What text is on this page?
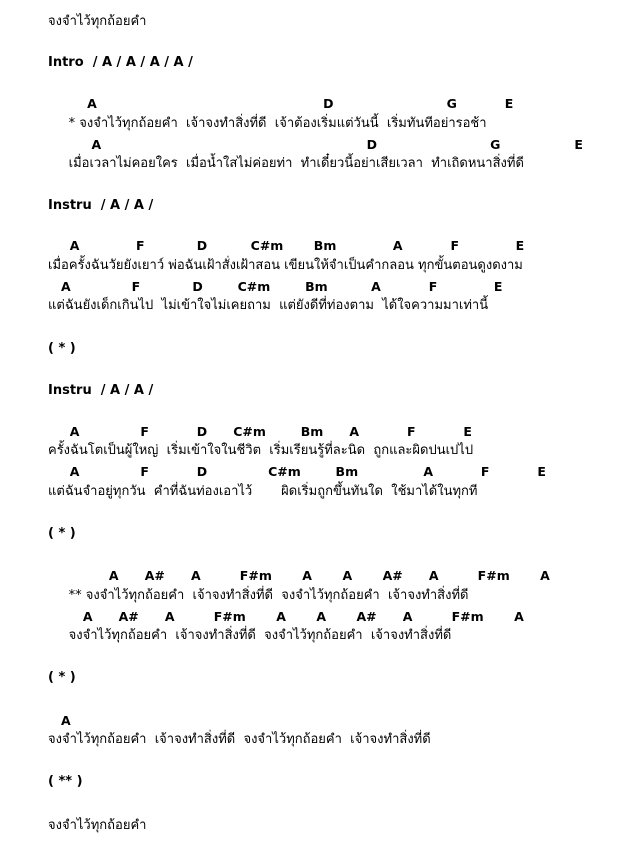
จงจำไว้ทุกถ้อยคำ
Intro  / A / A / A / A /
A                                                    D                          G           E
* จงจำไว้ทุกถ้อยคำ  เจ้าจงทำสิ่งที่ดี  เจ้าต้องเริ่มแต่วันนี้  เริ่มทันทีอย่ารอช้า
A                                                             D                          G                 E
เมื่อเวลาไม่คอยใคร  เมื่อน้ำใสไม่ค่อยท่า  ทำเดี๋ยวนี้อย่าเสียเวลา  ทำเถิดหนาสิ่งที่ดี
Instru  / A / A /
A             F            D          C#m       Bm             A           F             E
เมื่อครั้งฉันวัยยังเยาว์ พ่อฉันเฝ้าสั่งเฝ้าสอน เขียนให้จำเป็นคำกลอน ทุกขั้นตอนดูงดงาม
A              F            D        C#m        Bm          A           F             E
แต่ฉันยังเด็กเกินไป  ไม่เข้าใจไม่เคยถาม  แต่ยังดีที่ท่องตาม  ได้ใจความมาเท่านี้
( * )
Instru  / A / A /
A              F           D      C#m        Bm      A           F           E
ครั้งฉันโตเป็นผู้ใหญ่  เริ่มเข้าใจในชีวิต  เริ่มเรียนรู้ที่ละนิด  ถูกและผิดปนเปไป
A              F           D              C#m        Bm               A           F           E
แต่ฉันจำอยู่ทุกวัน  คำที่ฉันท่องเอาไว้       ผิดเริ่มถูกขึ้นทันใด  ใช้มาได้ในทุกที
( * )
A      A#      A         F#m       A       A       A#      A         F#m       A
** จงจำไว้ทุกถ้อยคำ  เจ้าจงทำสิ่งที่ดี  จงจำไว้ทุกถ้อยคำ  เจ้าจงทำสิ่งที่ดี
A      A#      A         F#m       A       A       A#      A         F#m       A
จงจำไว้ทุกถ้อยคำ  เจ้าจงทำสิ่งที่ดี  จงจำไว้ทุกถ้อยคำ  เจ้าจงทำสิ่งที่ดี
( * )
A
จงจำไว้ทุกถ้อยคำ  เจ้าจงทำสิ่งที่ดี  จงจำไว้ทุกถ้อยคำ  เจ้าจงทำสิ่งที่ดี
( ** )
จงจำไว้ทุกถ้อยคำ
